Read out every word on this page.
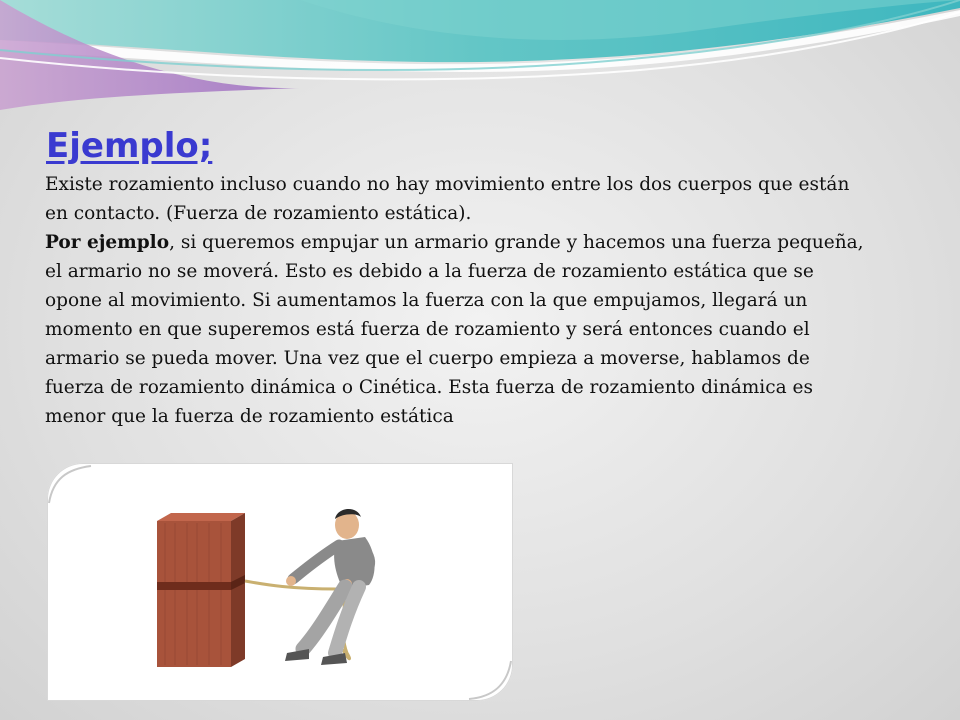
Ejemplo;
Existe rozamiento incluso cuando no hay movimiento entre los dos cuerpos que están en contacto. (Fuerza de rozamiento estática).
Por ejemplo, si queremos empujar un armario grande y hacemos una fuerza pequeña, el armario no se moverá. Esto es debido a la fuerza de rozamiento estática que se opone al movimiento. Si aumentamos la fuerza con la que empujamos, llegará un momento en que superemos está fuerza de rozamiento y será entonces cuando el armario se pueda mover. Una vez que el cuerpo empieza a moverse, hablamos de fuerza de rozamiento dinámica o Cinética. Esta fuerza de rozamiento dinámica es menor que la fuerza de rozamiento estática
